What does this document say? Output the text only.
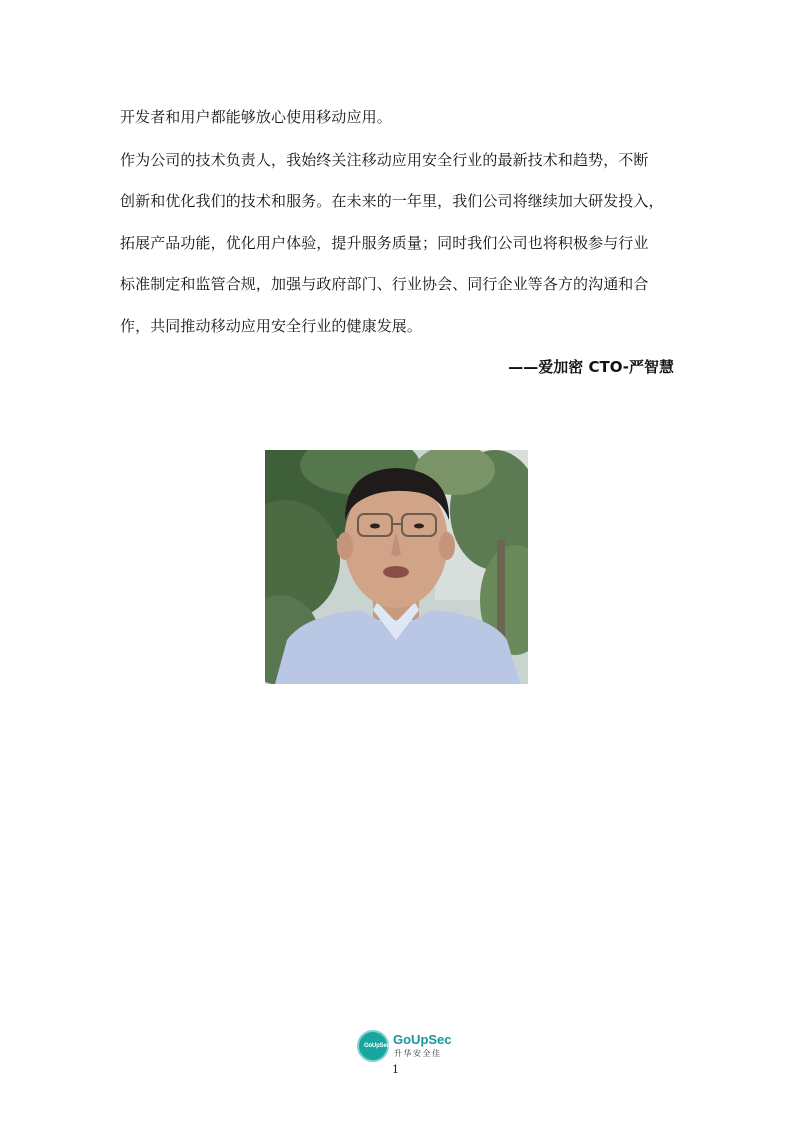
开发者和用户都能够放心使用移动应用。
作为公司的技术负责人，我始终关注移动应用安全行业的最新技术和趋势，不断
创新和优化我们的技术和服务。在未来的一年里，我们公司将继续加大研发投入，
拓展产品功能，优化用户体验，提升服务质量；同时我们公司也将积极参与行业
标准制定和监管合规，加强与政府部门、行业协会、同行企业等各方的沟通和合
作，共同推动移动应用安全行业的健康发展。
——爱加密 CTO-严智慧
GoUpSec GoUpSec
升华安全佳
1
